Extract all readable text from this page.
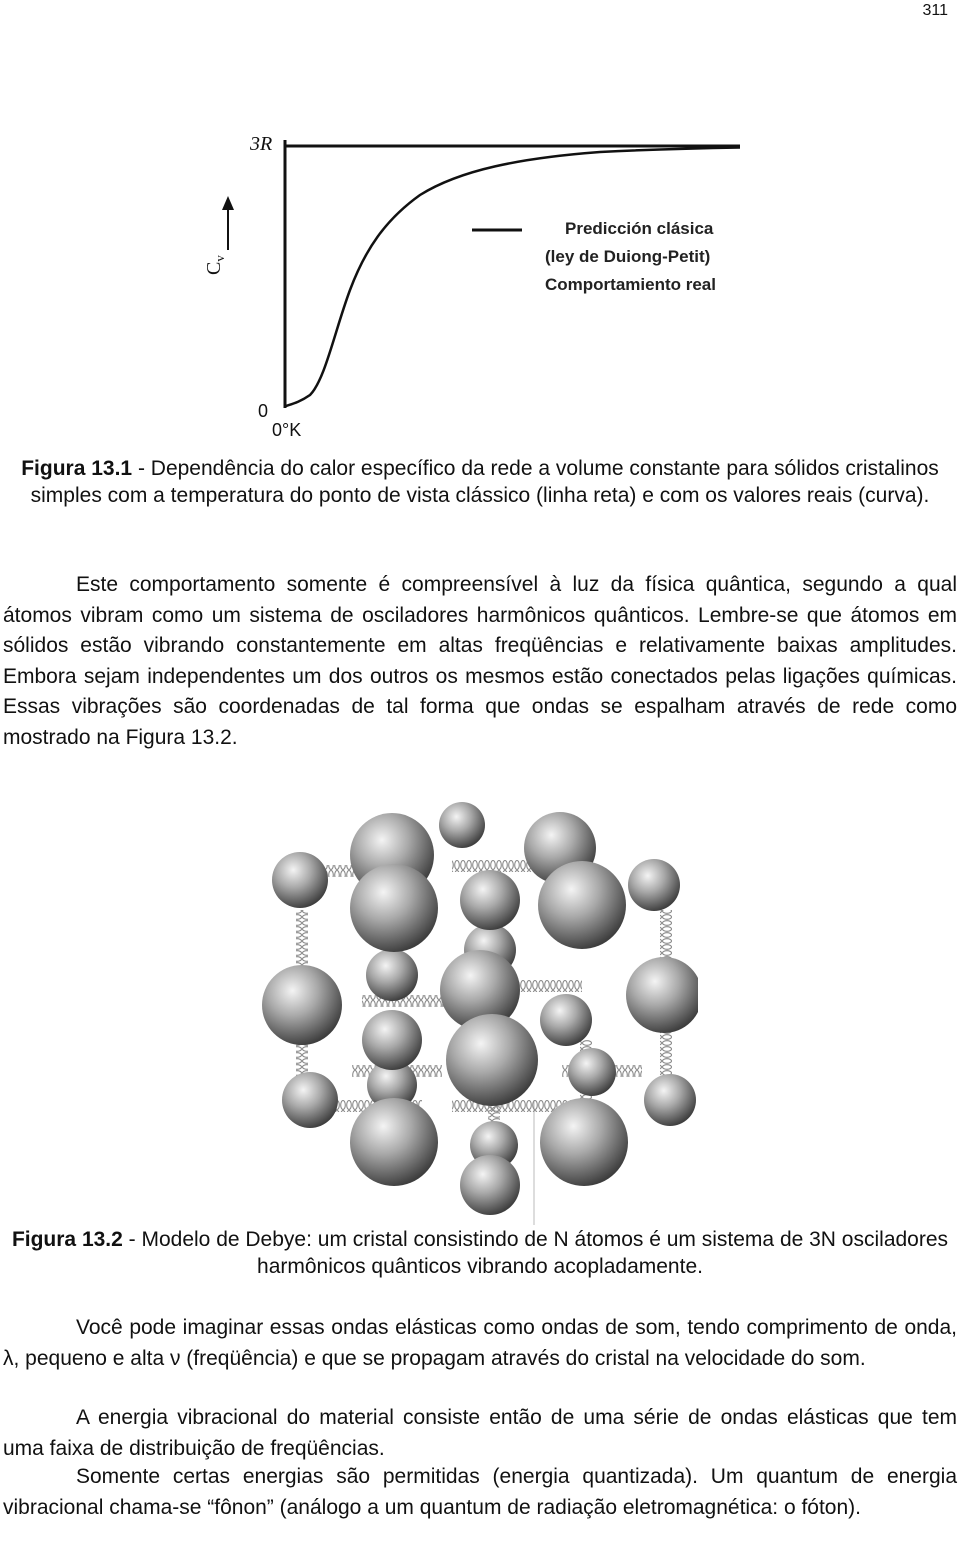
311
3R
$C_v$
0
0°K
Predicción clásica
(ley de Duiong-Petit)
Comportamiento real
Figura 13.1 - Dependência do calor específico da rede a volume constante para sólidos cristalinos simples com a temperatura do ponto de vista clássico (linha reta) e com os valores reais (curva).
Este comportamento somente é compreensível à luz da física quântica, segundo a qual átomos vibram como um sistema de osciladores harmônicos quânticos. Lembre-se que átomos em sólidos estão vibrando constantemente em altas freqüências e relativamente baixas amplitudes. Embora sejam independentes um dos outros os mesmos estão conectados pelas ligações químicas. Essas vibrações são coordenadas de tal forma que ondas se espalham através de rede como mostrado na Figura 13.2.
Figura 13.2 - Modelo de Debye: um cristal consistindo de N átomos é um sistema de 3N osciladores harmônicos quânticos vibrando acopladamente.
Você pode imaginar essas ondas elásticas como ondas de som, tendo comprimento de onda, λ, pequeno e alta ν (freqüência) e que se propagam através do cristal na velocidade do som.
A energia vibracional do material consiste então de uma série de ondas elásticas que tem uma faixa de distribuição de freqüências.
Somente certas energias são permitidas (energia quantizada). Um quantum de energia vibracional chama-se “fônon” (análogo a um quantum de radiação eletromagnética: o fóton).
